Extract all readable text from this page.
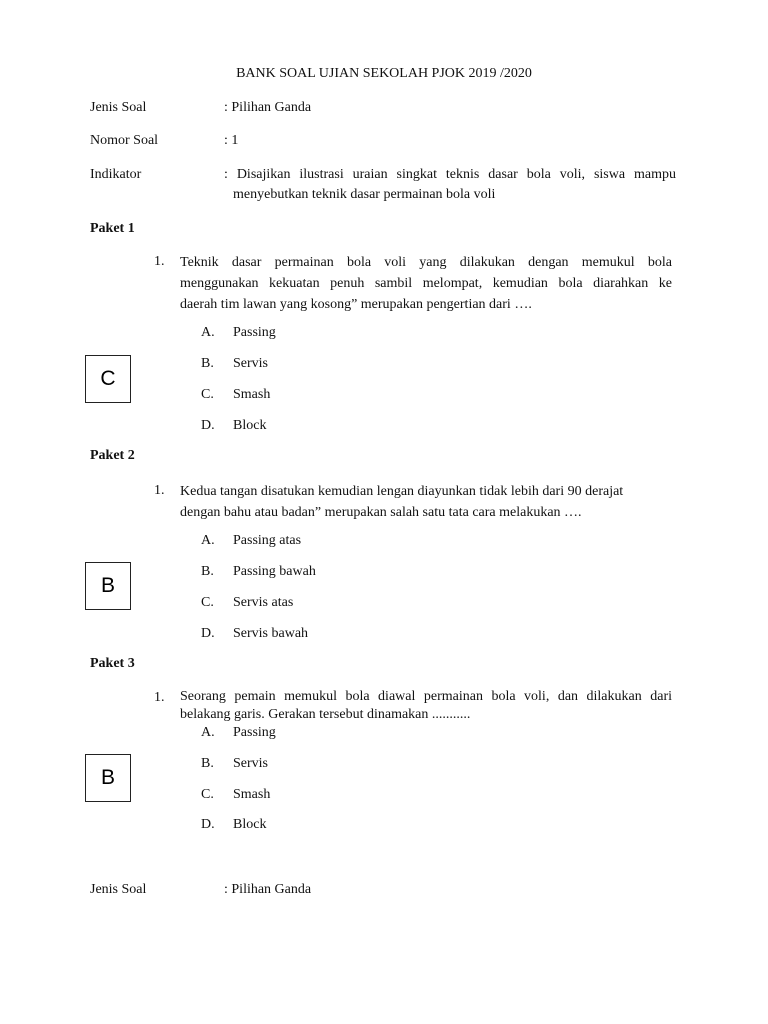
BANK SOAL UJIAN SEKOLAH PJOK 2019 /2020
Jenis Soal	: Pilihan Ganda
Nomor Soal	: 1
Indikator	: Disajikan ilustrasi uraian singkat teknis dasar bola voli, siswa mampu
menyebutkan teknik dasar permainan bola voli
Paket 1
1. Teknik dasar permainan bola voli yang dilakukan dengan memukul bola
menggunakan kekuatan penuh sambil melompat, kemudian bola diarahkan ke
daerah tim lawan yang kosong” merupakan pengertian dari ….
A. Passing
B. Servis
C. Smash
D. Block
C
Paket 2
1. Kedua tangan disatukan kemudian lengan diayunkan tidak lebih dari 90 derajat
dengan bahu atau badan” merupakan salah satu tata cara melakukan ….
A. Passing atas
B. Passing bawah
C. Servis atas
D. Servis bawah
B
Paket 3
1. Seorang pemain memukul bola diawal permainan bola voli, dan dilakukan dari
belakang garis. Gerakan tersebut dinamakan ...........
A. Passing
B. Servis
C. Smash
D. Block
B
Jenis Soal	: Pilihan Ganda
